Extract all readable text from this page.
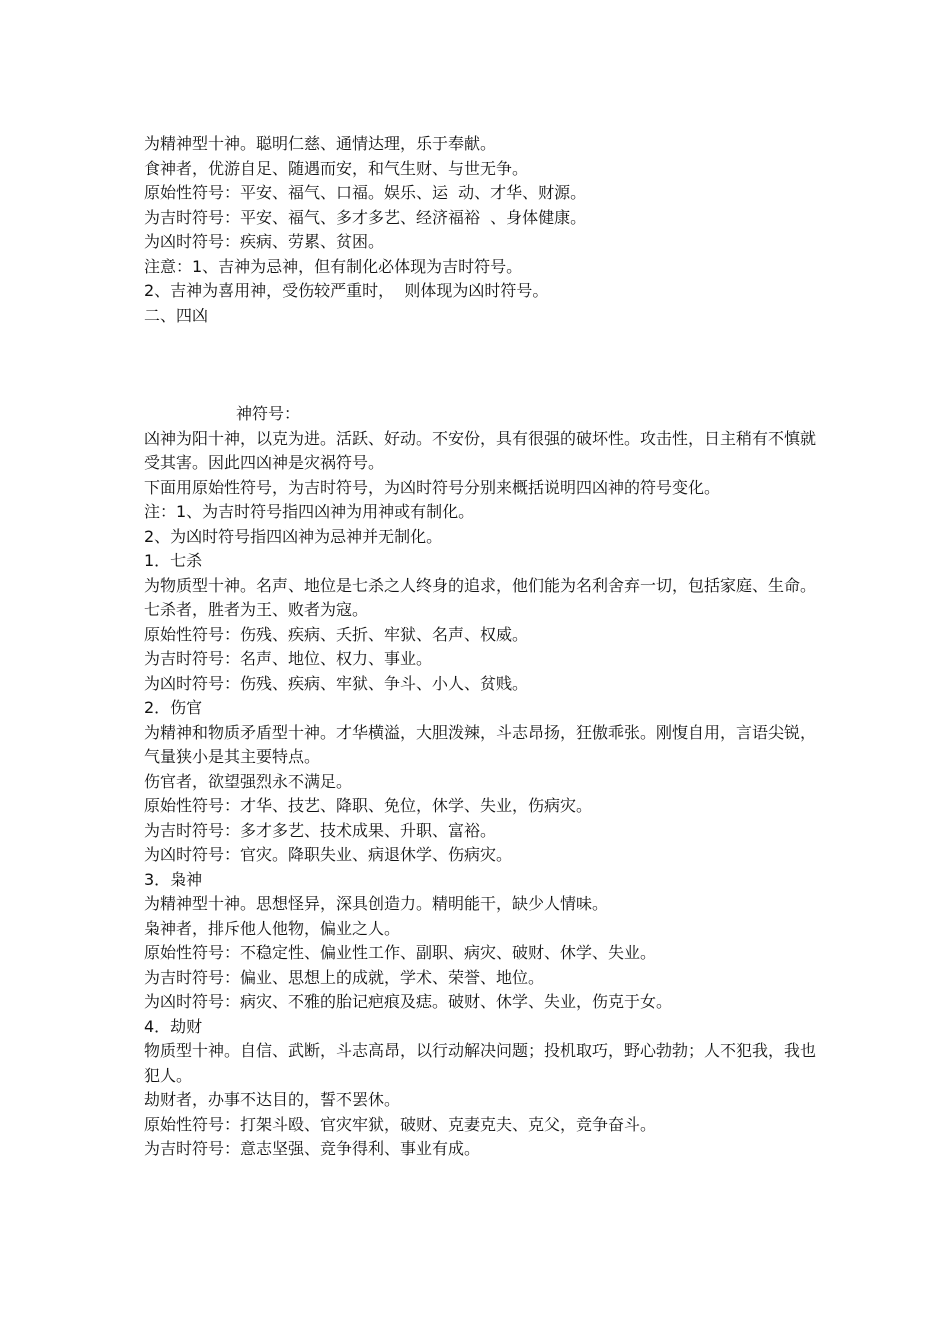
为精神型十神。聪明仁慈、通情达理，乐于奉献。
食神者，优游自足、随遇而安，和气生财、与世无争。
原始性符号：平安、福气、口福。娱乐、运  动、才华、财源。
为吉时符号：平安、福气、多才多艺、经济福裕  、身体健康。
为凶时符号：疾病、劳累、贫困。
注意：1、吉神为忌神，但有制化必体现为吉时符号。
2、吉神为喜用神，受伤较严重时，  则体现为凶时符号。
二、四凶
神符号：
凶神为阳十神，以克为进。活跃、好动。不安份，具有很强的破坏性。攻击性，日主稍有不慎就受其害。因此四凶神是灾祸符号。
下面用原始性符号，为吉时符号，为凶时符号分别来概括说明四凶神的符号变化。
注：1、为吉时符号指四凶神为用神或有制化。
2、为凶时符号指四凶神为忌神并无制化。
1．七杀
为物质型十神。名声、地位是七杀之人终身的追求，他们能为名利舍弃一切，包括家庭、生命。
七杀者，胜者为王、败者为寇。
原始性符号：伤残、疾病、夭折、牢狱、名声、权威。
为吉时符号：名声、地位、权力、事业。
为凶时符号：伤残、疾病、牢狱、争斗、小人、贫贱。
2．伤官
为精神和物质矛盾型十神。才华横溢，大胆泼辣，斗志昂扬，狂傲乖张。刚愎自用，言语尖锐，气量狭小是其主要特点。
伤官者，欲望强烈永不满足。
原始性符号：才华、技艺、降职、免位，休学、失业，伤病灾。
为吉时符号：多才多艺、技术成果、升职、富裕。
为凶时符号：官灾。降职失业、病退休学、伤病灾。
3．枭神
为精神型十神。思想怪异，深具创造力。精明能干，缺少人情味。
枭神者，排斥他人他物，偏业之人。
原始性符号：不稳定性、偏业性工作、副职、病灾、破财、休学、失业。
为吉时符号：偏业、思想上的成就，学术、荣誉、地位。
为凶时符号：病灾、不雅的胎记疤痕及痣。破财、休学、失业，伤克于女。
4．劫财
物质型十神。自信、武断，斗志高昂，以行动解决问题；投机取巧，野心勃勃；人不犯我，我也犯人。
劫财者，办事不达目的，誓不罢休。
原始性符号：打架斗殴、官灾牢狱，破财、克妻克夫、克父，竞争奋斗。
为吉时符号：意志坚强、竞争得利、事业有成。
